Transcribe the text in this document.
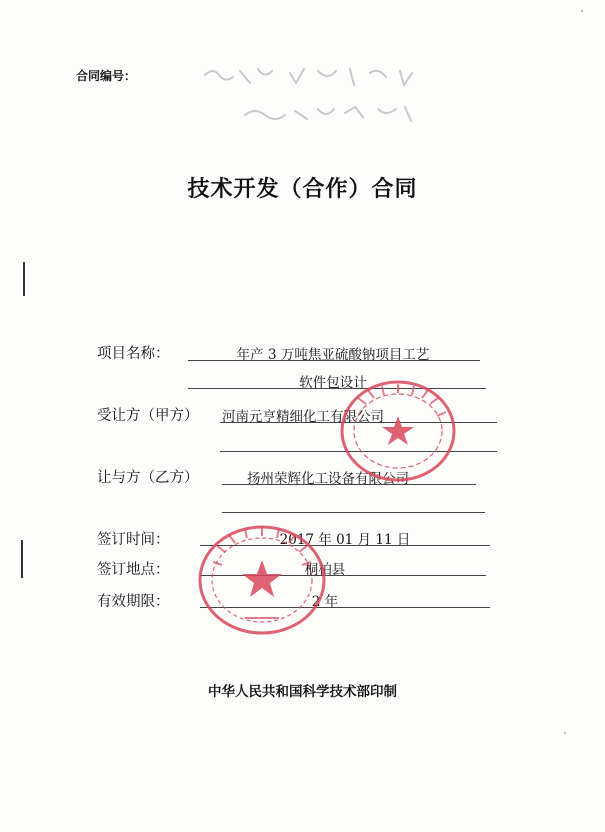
合同编号：
技术开发（合作）合同
项目名称：	年产 3 万吨焦亚硫酸钠项目工艺
软件包设计
受让方（甲方） 河南元亨精细化工有限公司
让与方（乙方）	扬州荣辉化工设备有限公司
签订时间：	2017 年 01 月 11 日
签订地点：	桐柏县
有效期限：	2 年
中华人民共和国科学技术部印制
